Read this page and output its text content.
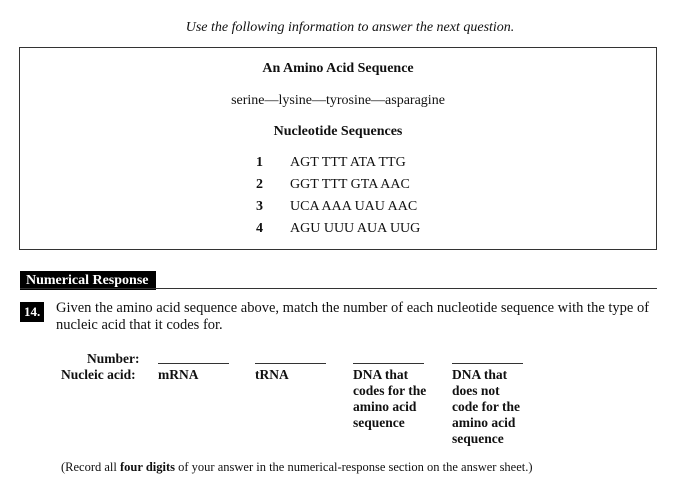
Use the following information to answer the next question.
An Amino Acid Sequence
serine—lysine—tyrosine—asparagine
Nucleotide Sequences
1 AGT TTT ATA TTG
2 GGT TTT GTA AAC
3 UCA AAA UAU AAC
4 AGU UUU AUA UUG
Numerical Response
14. Given the amino acid sequence above, match the number of each nucleotide sequence with the type of nucleic acid that it codes for.
Number:
Nucleic acid: mRNA	tRNA	DNA that
codes for the
amino acid
sequence
DNA that
does not
code for the
amino acid
sequence
(Record all four digits of your answer in the numerical-response section on the answer sheet.)
